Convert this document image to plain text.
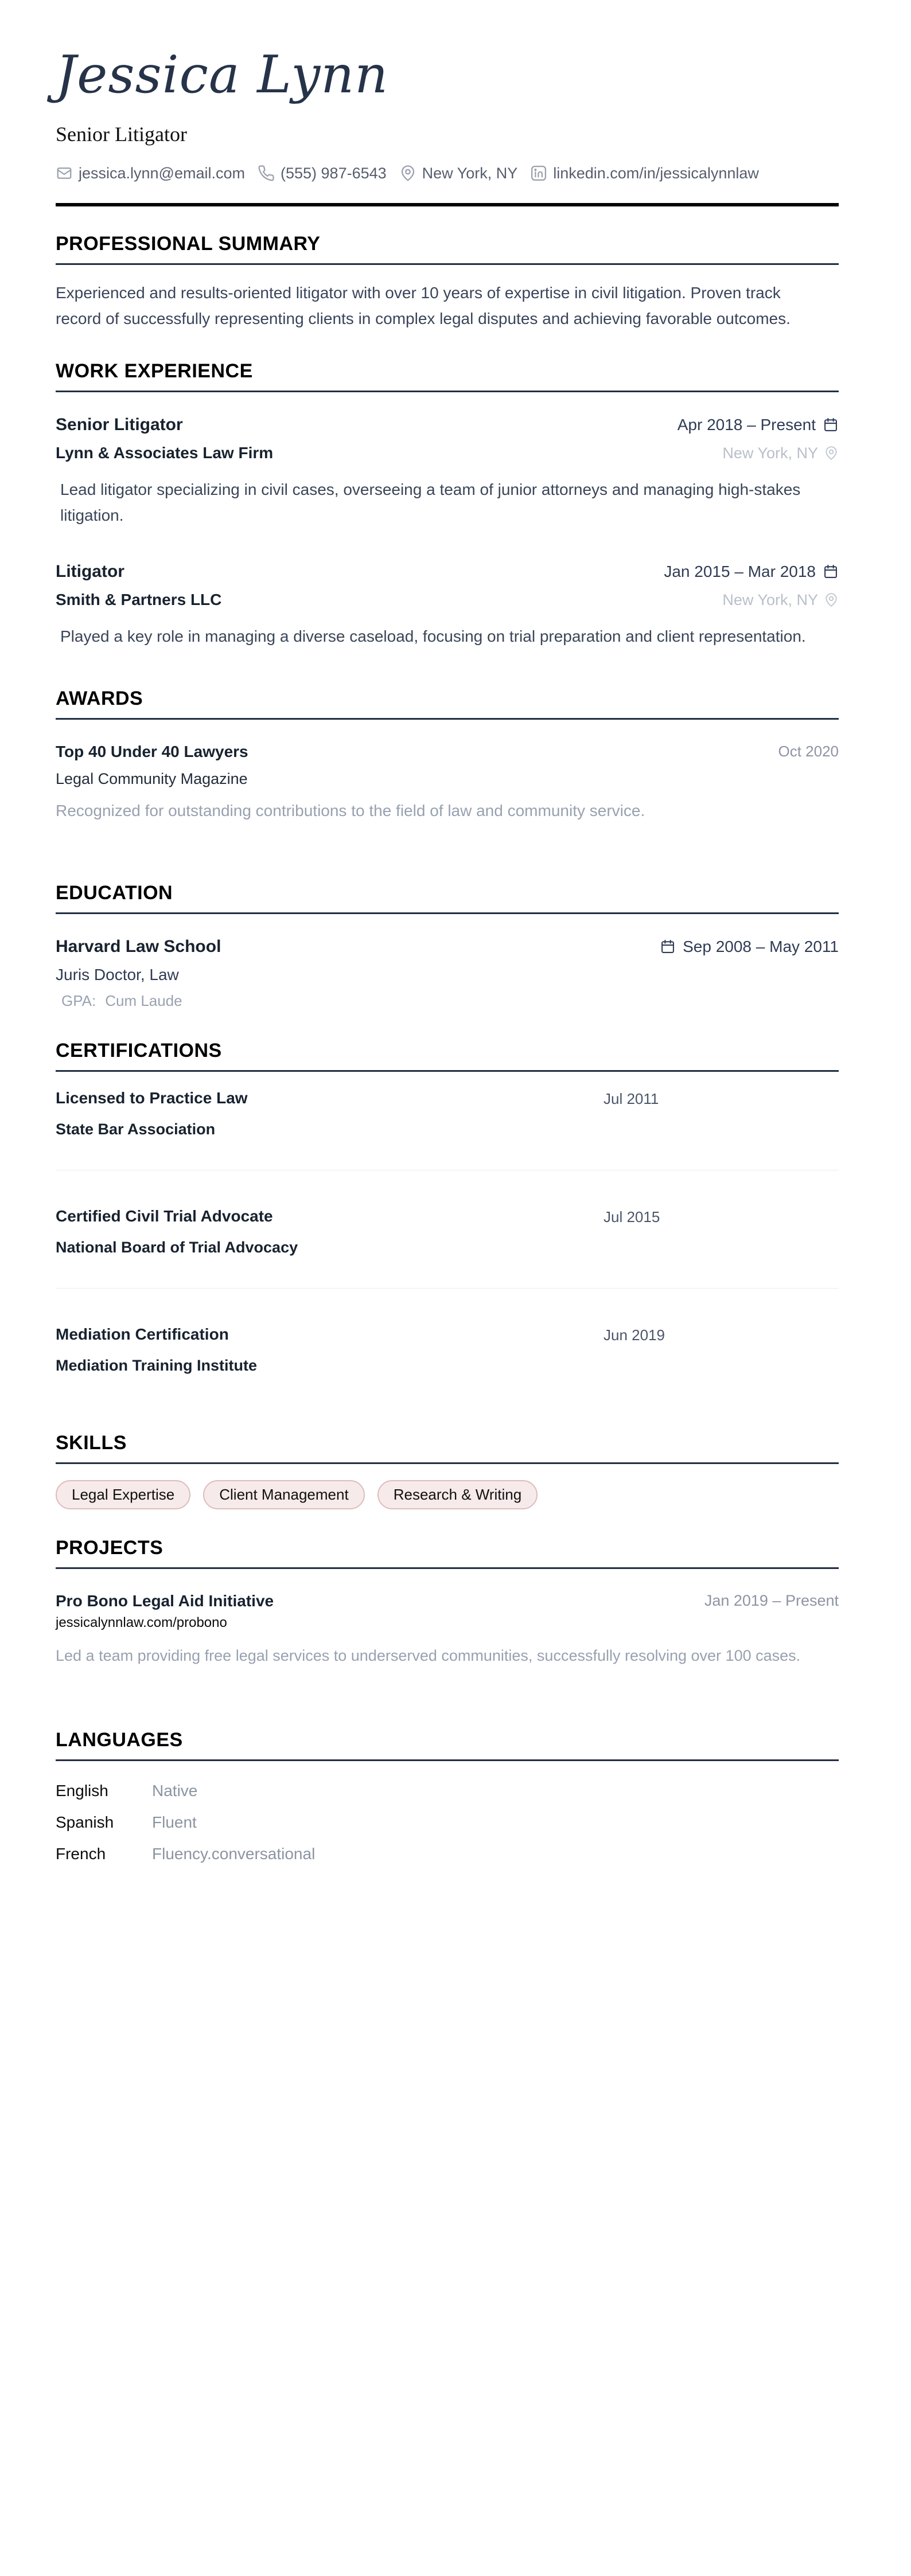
Jessica Lynn
Senior Litigator
jessica.lynn@email.com (555) 987-6543 New York, NY linkedin.com/in/jessicalynnlaw
PROFESSIONAL SUMMARY
Experienced and results-oriented litigator with over 10 years of expertise in civil litigation. Proven track record of successfully representing clients in complex legal disputes and achieving favorable outcomes.
WORK EXPERIENCE
Senior Litigator	Apr 2018 – Present
Lynn & Associates Law Firm	New York, NY
Lead litigator specializing in civil cases, overseeing a team of junior attorneys and managing high-stakes litigation.
Litigator	Jan 2015 – Mar 2018
Smith & Partners LLC	New York, NY
Played a key role in managing a diverse caseload, focusing on trial preparation and client representation.
AWARDS
Top 40 Under 40 Lawyers	Oct 2020
Legal Community Magazine
Recognized for outstanding contributions to the field of law and community service.
EDUCATION
Harvard Law School	Sep 2008 – May 2011
Juris Doctor, Law
GPA: Cum Laude
CERTIFICATIONS
Licensed to Practice Law	Jul 2011
State Bar Association
Certified Civil Trial Advocate	Jul 2015
National Board of Trial Advocacy
Mediation Certification	Jun 2019
Mediation Training Institute
SKILLS
Legal Expertise	Client Management	Research & Writing
PROJECTS
Pro Bono Legal Aid Initiative	Jan 2019 – Present
jessicalynnlaw.com/probono
Led a team providing free legal services to underserved communities, successfully resolving over 100 cases.
LANGUAGES
English	Native
Spanish	Fluent
French	Fluency.conversational
